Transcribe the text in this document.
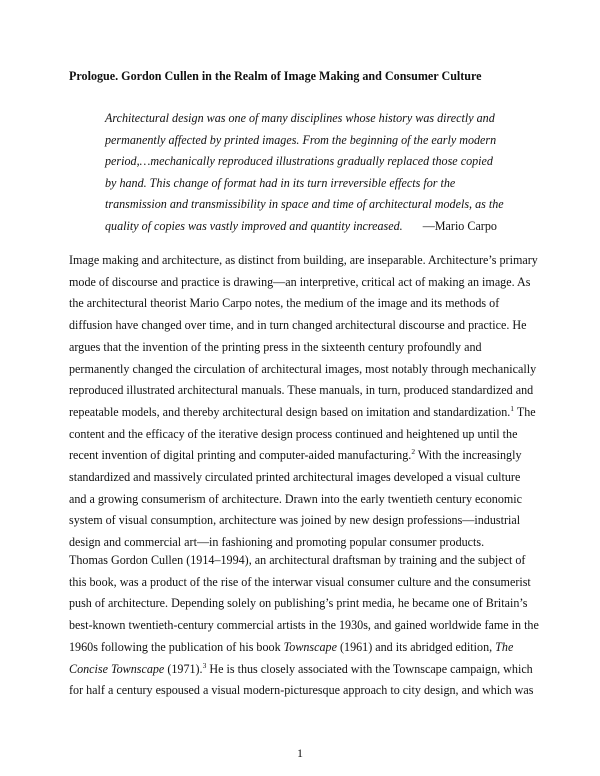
Prologue. Gordon Cullen in the Realm of Image Making and Consumer Culture
Architectural design was one of many disciplines whose history was directly and
permanently affected by printed images. From the beginning of the early modern
period,…mechanically reproduced illustrations gradually replaced those copied
by hand. This change of format had in its turn irreversible effects for the
transmission and transmissibility in space and time of architectural models, as the
quality of copies was vastly improved and quantity increased. —Mario Carpo
Image making and architecture, as distinct from building, are inseparable. Architecture’s primary
mode of discourse and practice is drawing—an interpretive, critical act of making an image. As
the architectural theorist Mario Carpo notes, the medium of the image and its methods of
diffusion have changed over time, and in turn changed architectural discourse and practice. He
argues that the invention of the printing press in the sixteenth century profoundly and
permanently changed the circulation of architectural images, most notably through mechanically
reproduced illustrated architectural manuals. These manuals, in turn, produced standardized and
repeatable models, and thereby architectural design based on imitation and standardization.$^1$ The
content and the efficacy of the iterative design process continued and heightened up until the
recent invention of digital printing and computer-aided manufacturing.$^2$ With the increasingly
standardized and massively circulated printed architectural images developed a visual culture
and a growing consumerism of architecture. Drawn into the early twentieth century economic
system of visual consumption, architecture was joined by new design professions—industrial
design and commercial art—in fashioning and promoting popular consumer products.
Thomas Gordon Cullen (1914–1994), an architectural draftsman by training and the subject of
this book, was a product of the rise of the interwar visual consumer culture and the consumerist
push of architecture. Depending solely on publishing’s print media, he became one of Britain’s
best-known twentieth-century commercial artists in the 1930s, and gained worldwide fame in the
1960s following the publication of his book Townscape (1961) and its abridged edition, The
Concise Townscape (1971).$^3$ He is thus closely associated with the Townscape campaign, which
for half a century espoused a visual modern-picturesque approach to city design, and which was
1
